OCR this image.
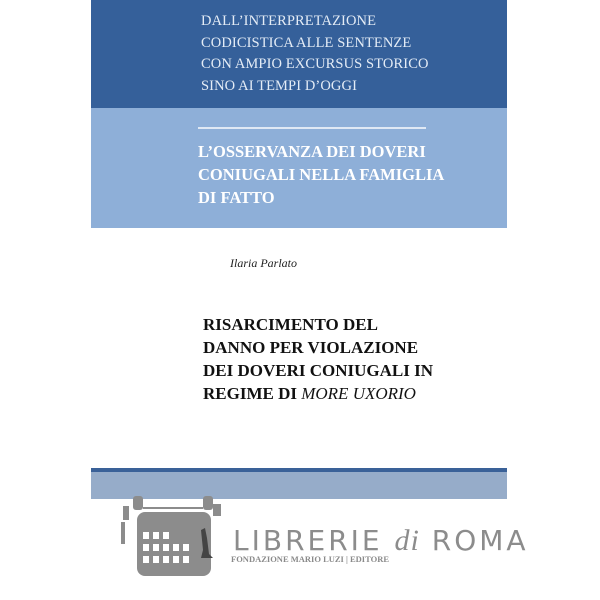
DALL’INTERPRETAZIONE
CODICISTICA ALLE SENTENZE
CON AMPIO EXCURSUS STORICO
SINO AI TEMPI D’OGGI
L’OSSERVANZA DEI DOVERI
CONIUGALI NELLA FAMIGLIA
DI FATTO
Ilaria Parlato
RISARCIMENTO DEL
DANNO PER VIOLAZIONE
DEI DOVERI CONIUGALI IN
REGIME DI MORE UXORIO
LIBRERIE di ROMA
FONDAZIONE MARIO LUZI | EDITORE
